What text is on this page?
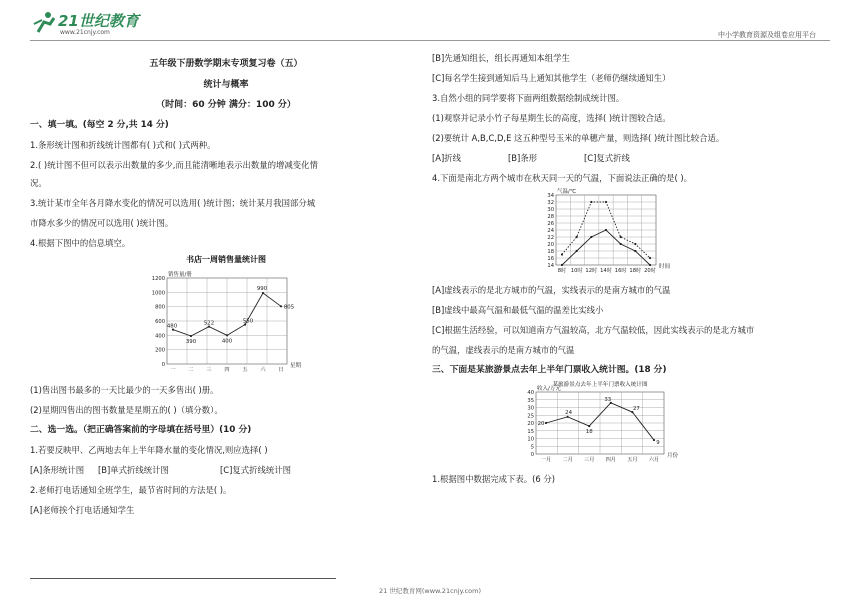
21世纪教育
www.21cnjy.com	中小学教育资源及组卷应用平台

五年级下册数学期末专项复习卷（五）

统计与概率

（时间：60 分钟 满分：100 分）

一、填一填。(每空 2 分,共 14 分)

1.条形统计图和折线统计图都有( )式和( )式两种。

2.( )统计图不但可以表示出数量的多少,而且能清晰地表示出数量的增减变化情

况。

3.统计某市全年各月降水变化的情况可以选用( )统计图；统计某月我国部分城

市降水多少的情况可以选用( )统计图。

4.根据下图中的信息填空。

书店一周销售量统计图
0
200
400
600
800
1000
1200
一 二 三 四 五 六 日
销售量/册
星期
480
390
522
400
550
990
805

(1)售出图书最多的一天比最少的一天多售出( )册。

(2)星期四售出的图书数量是星期五的( )（填分数）。

二、选一选。（把正确答案前的字母填在括号里）(10 分)

1.若要反映甲、乙两地去年上半年降水量的变化情况,则应选择( )

[A]条形统计图	[B]单式折线统计图	[C]复式折线统计图

2.老师打电话通知全班学生，最节省时间的方法是( )。

[A]老师挨个打电话通知学生

[B]先通知组长，组长再通知本组学生

[C]每名学生接到通知后马上通知其他学生（老师仍继续通知生）

3.自然小组的同学要将下面两组数据绘制成统计图。

(1)观察并记录小竹子每星期生长的高度，选择( )统计图较合适。

(2)要统计 A,B,C,D,E 这五种型号玉米的单穗产量，则选择( )统计图比较合适。

[A]折线	[B]条形	[C]复式折线

4.下面是南北方两个城市在秋天同一天的气温，下面说法正确的是( )。

14
16
18
20
22
24
26
28
30
32
34
8时 10时 12时 14时 16时 18时 20时
气温/℃
时间

[A]虚线表示的是北方城市的气温，实线表示的是南方城市的气温

[B]虚线中最高气温和最低气温的温差比实线小

[C]根据生活经验，可以知道南方气温较高，北方气温较低，因此实线表示的是北方城市

的气温，虚线表示的是南方城市的气温

三、下面是某旅游景点去年上半年门票收入统计图。(18 分)

某旅游景点去年上半年门票收入统计图
0
5
10
15
20
25
30
35
40
一月 二月 三月 四月 五月 六月
收入/万元
月份
20
24
18
33
27
9

1.根据图中数据完成下表。(6 分)

21 世纪教育网(www.21cnjy.com)
